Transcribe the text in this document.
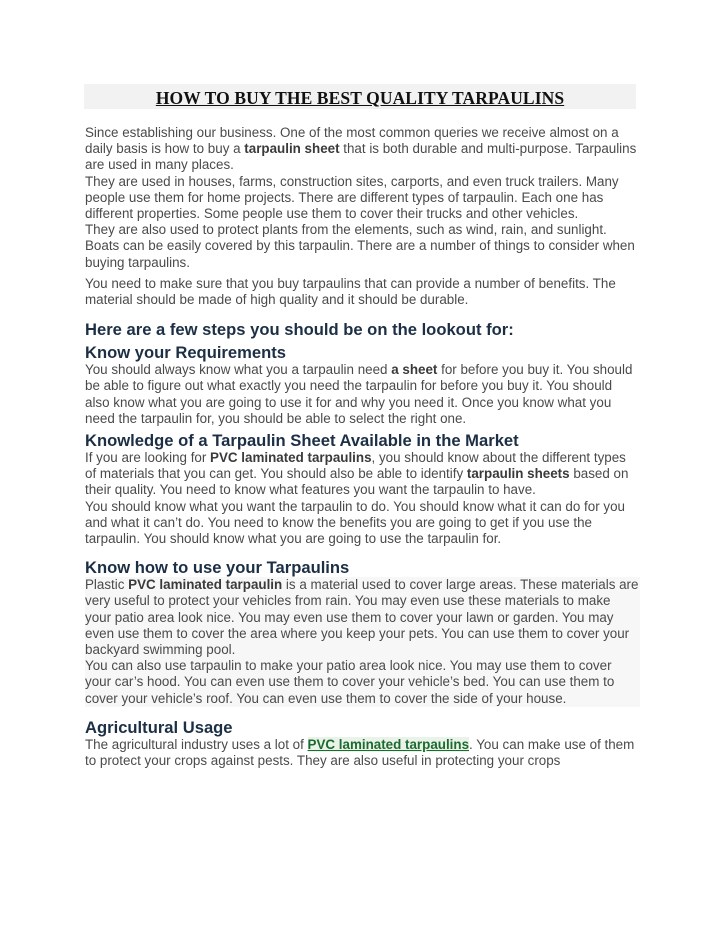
HOW TO BUY THE BEST QUALITY TARPAULINS

Since establishing our business. One of the most common queries we receive almost on a daily basis is how to buy a tarpaulin sheet that is both durable and multi-purpose. Tarpaulins are used in many places.

They are used in houses, farms, construction sites, carports, and even truck trailers. Many people use them for home projects. There are different types of tarpaulin. Each one has different properties. Some people use them to cover their trucks and other vehicles.

They are also used to protect plants from the elements, such as wind, rain, and sunlight. Boats can be easily covered by this tarpaulin. There are a number of things to consider when buying tarpaulins.

You need to make sure that you buy tarpaulins that can provide a number of benefits. The material should be made of high quality and it should be durable.

Here are a few steps you should be on the lookout for:

Know your Requirements

You should always know what you a tarpaulin need a sheet for before you buy it. You should be able to figure out what exactly you need the tarpaulin for before you buy it. You should also know what you are going to use it for and why you need it. Once you know what you need the tarpaulin for, you should be able to select the right one.

Knowledge of a Tarpaulin Sheet Available in the Market

If you are looking for PVC laminated tarpaulins, you should know about the different types of materials that you can get. You should also be able to identify tarpaulin sheets based on their quality. You need to know what features you want the tarpaulin to have.

You should know what you want the tarpaulin to do. You should know what it can do for you and what it can’t do. You need to know the benefits you are going to get if you use the tarpaulin. You should know what you are going to use the tarpaulin for.

Know how to use your Tarpaulins

Plastic PVC laminated tarpaulin is a material used to cover large areas. These materials are very useful to protect your vehicles from rain. You may even use these materials to make your patio area look nice. You may even use them to cover your lawn or garden. You may even use them to cover the area where you keep your pets. You can use them to cover your backyard swimming pool.

You can also use tarpaulin to make your patio area look nice. You may use them to cover your car’s hood. You can even use them to cover your vehicle’s bed. You can use them to cover your vehicle’s roof. You can even use them to cover the side of your house.

Agricultural Usage

The agricultural industry uses a lot of PVC laminated tarpaulins. You can make use of them to protect your crops against pests. They are also useful in protecting your crops
